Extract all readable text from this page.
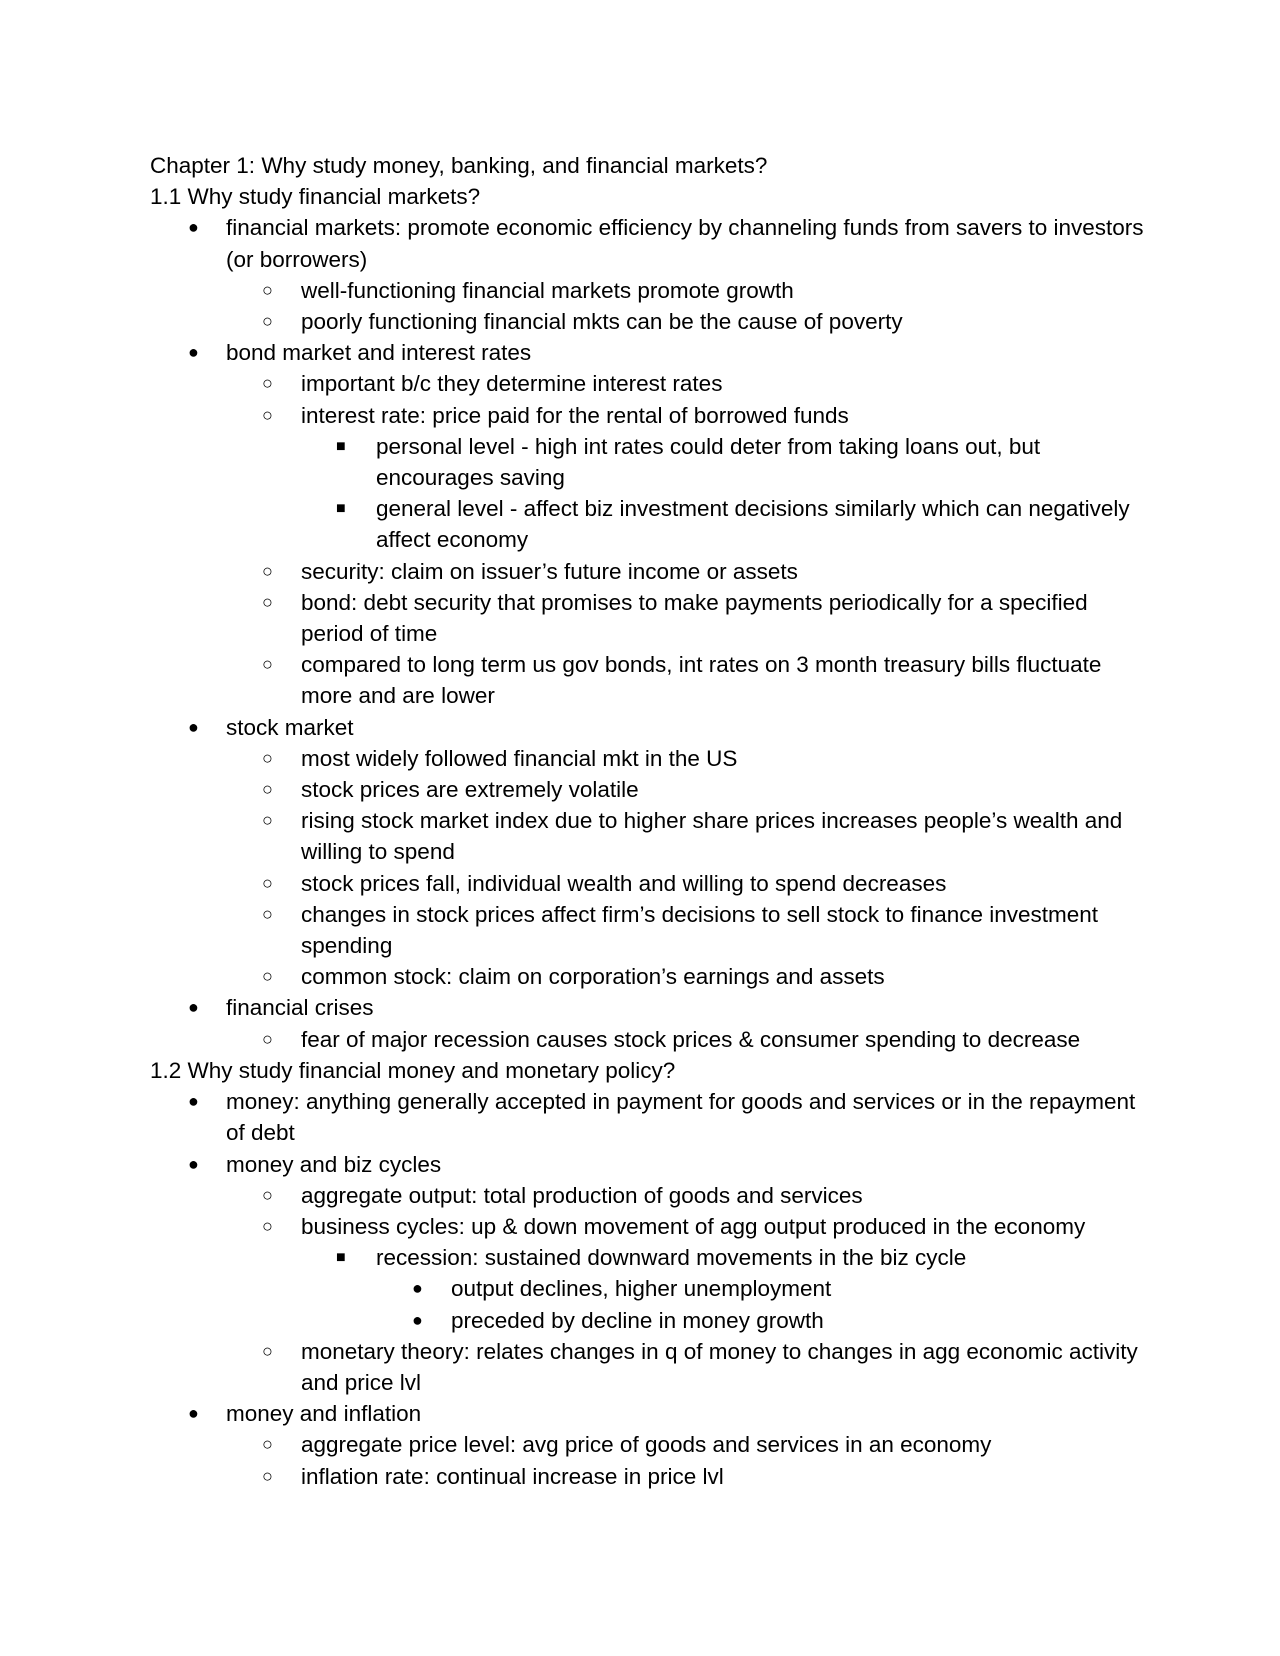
Chapter 1: Why study money, banking, and financial markets?
1.1 Why study financial markets?
● financial markets: promote economic efficiency by channeling funds from savers to investors (or borrowers)
○ well-functioning financial markets promote growth
○ poorly functioning financial mkts can be the cause of poverty
● bond market and interest rates
○ important b/c they determine interest rates
○ interest rate: price paid for the rental of borrowed funds
■ personal level - high int rates could deter from taking loans out, but encourages saving
■ general level - affect biz investment decisions similarly which can negatively affect economy
○ security: claim on issuer’s future income or assets
○ bond: debt security that promises to make payments periodically for a specified period of time
○ compared to long term us gov bonds, int rates on 3 month treasury bills fluctuate more and are lower
● stock market
○ most widely followed financial mkt in the US
○ stock prices are extremely volatile
○ rising stock market index due to higher share prices increases people’s wealth and willing to spend
○ stock prices fall, individual wealth and willing to spend decreases
○ changes in stock prices affect firm’s decisions to sell stock to finance investment spending
○ common stock: claim on corporation’s earnings and assets
● financial crises
○ fear of major recession causes stock prices & consumer spending to decrease
1.2 Why study financial money and monetary policy?
● money: anything generally accepted in payment for goods and services or in the repayment of debt
● money and biz cycles
○ aggregate output: total production of goods and services
○ business cycles: up & down movement of agg output produced in the economy
■ recession: sustained downward movements in the biz cycle
● output declines, higher unemployment
● preceded by decline in money growth
○ monetary theory: relates changes in q of money to changes in agg economic activity and price lvl
● money and inflation
○ aggregate price level: avg price of goods and services in an economy
○ inflation rate: continual increase in price lvl
